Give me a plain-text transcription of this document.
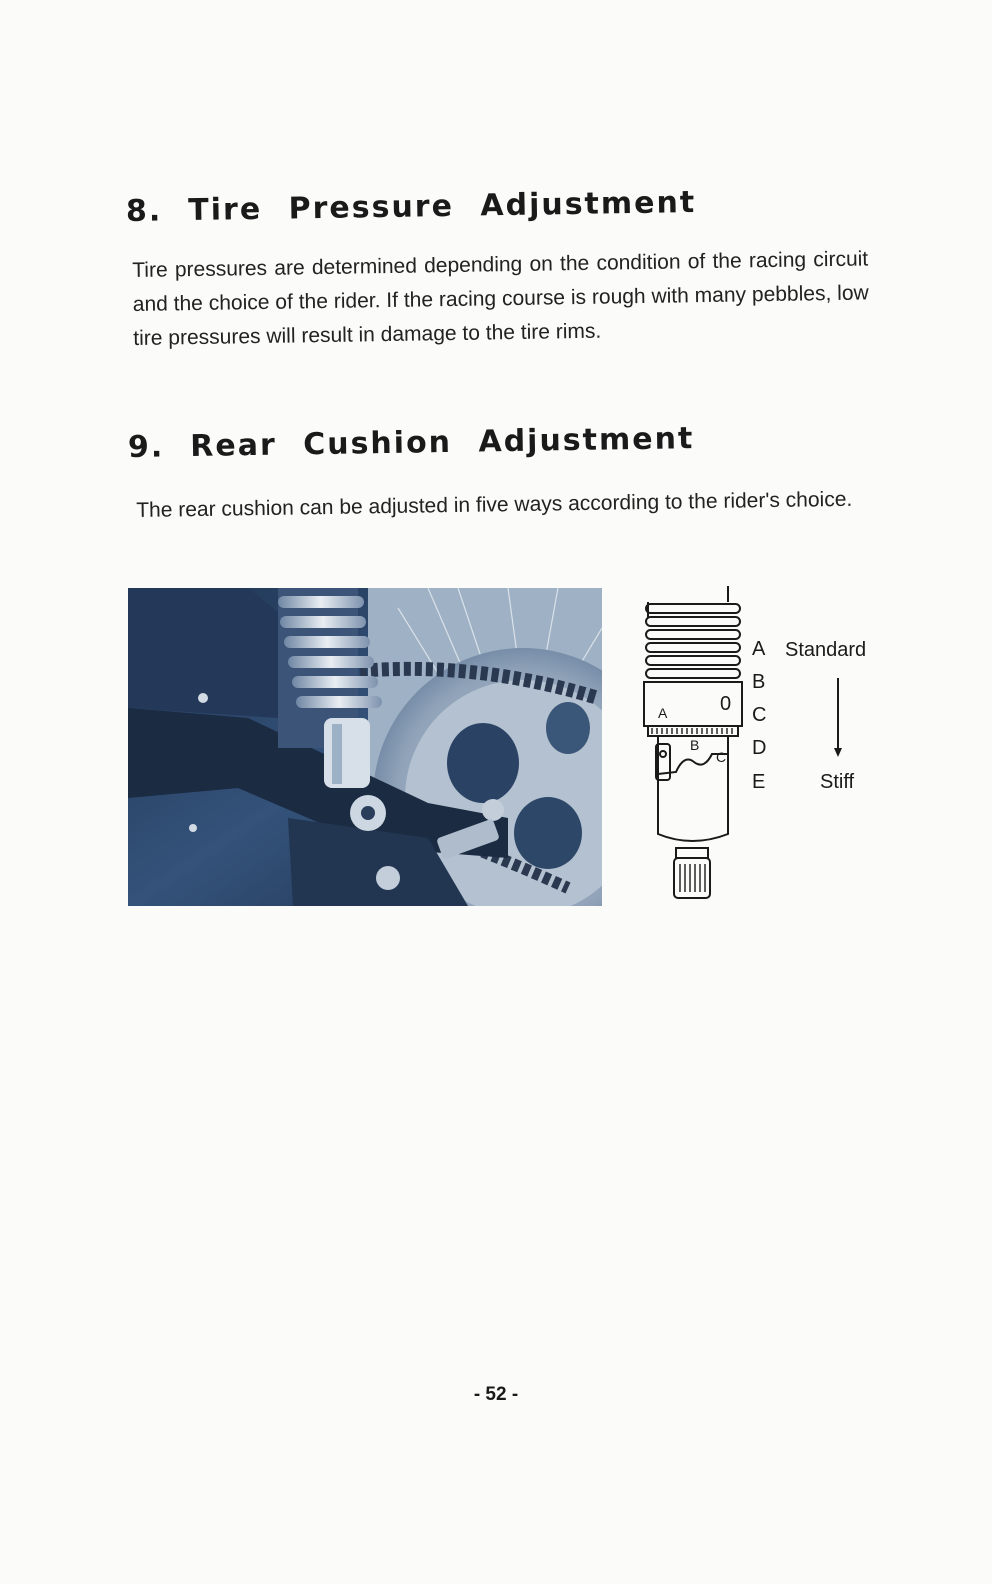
8. Tire Pressure Adjustment

Tire pressures are determined depending on the condition of the racing circuit and the choice of the rider. If the racing course is rough with many pebbles, low tire pressures will result in damage to the tire rims.

9. Rear Cushion Adjustment

The rear cushion can be adjusted in five ways according to the rider's choice.

A	0
B
C
A
B
C
D
E
Standard
Stiff
- 52 -
